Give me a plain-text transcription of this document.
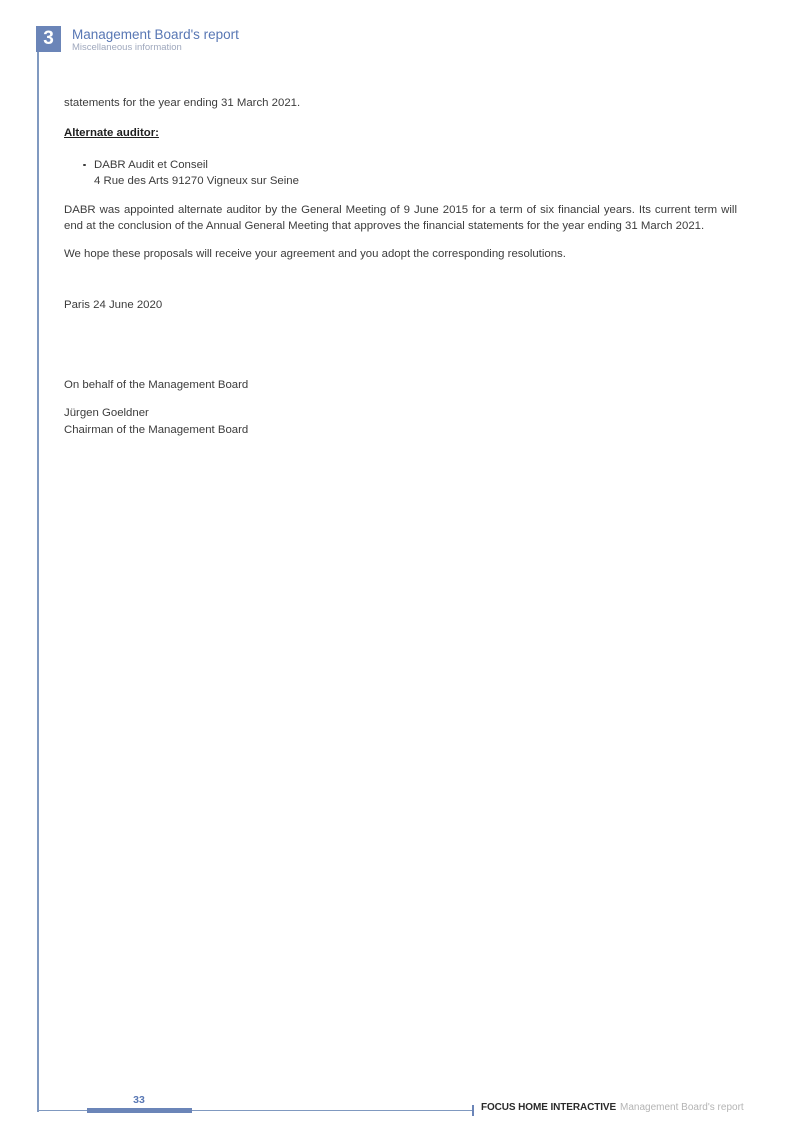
3	Management Board's report
Miscellaneous information

statements for the year ending 31 March 2021.

Alternate auditor:
DABR Audit et Conseil
4 Rue des Arts 91270 Vigneux sur Seine

DABR was appointed alternate auditor by the General Meeting of 9 June 2015 for a term of six financial years. Its current term will end at the conclusion of the Annual General Meeting that approves the financial statements for the year ending 31 March 2021.

We hope these proposals will receive your agreement and you adopt the corresponding resolutions.

Paris 24 June 2020

On behalf of the Management Board

Jürgen Goeldner

Chairman of the Management Board

33
FOCUS HOME INTERACTIVE Management Board's report
